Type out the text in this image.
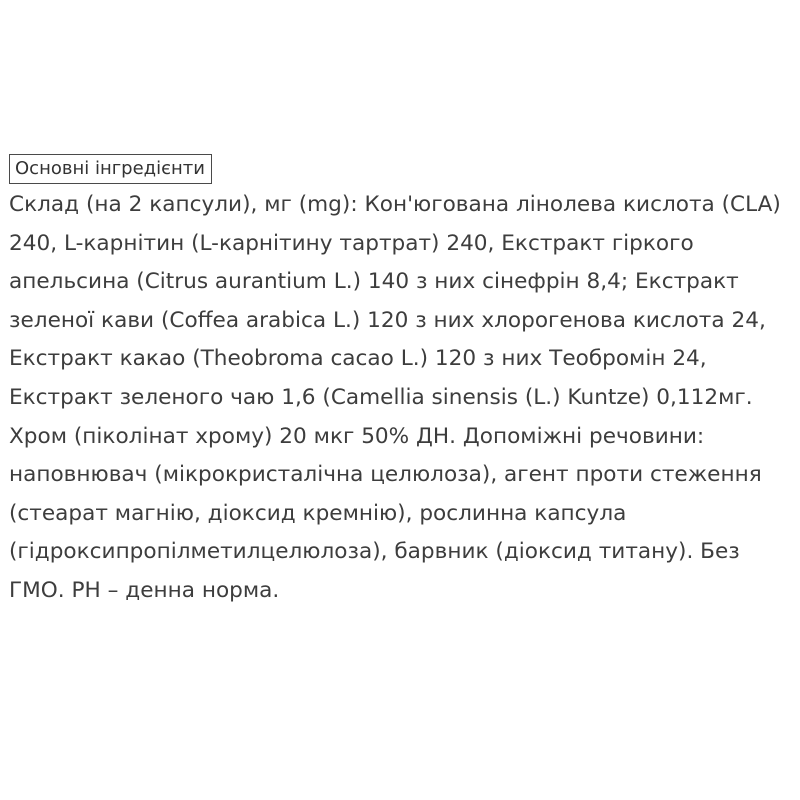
Основні інгредієнти

Склад (на 2 капсули), мг (mg): Кон'югована лінолева кислота (CLA) 240, L-карнітин (L-карнітину тартрат) 240, Екстракт гіркого апельсина (Citrus aurantium L.) 140 з них сінефрін 8,4; Екстракт зеленої кави (Coffea arabica L.) 120 з них хлорогенова кислота 24, Екстракт какао (Theobroma cacao L.) 120 з них Теобромін 24, Екстракт зеленого чаю 1,6 (Camellia sinensis (L.) Kuntze) 0,112мг. Хром (піколінат хрому) 20 мкг 50% ДН. Допоміжні речовини: наповнювач (мікрокристалічна целюлоза), агент проти стеження (стеарат магнію, діоксид кремнію), рослинна капсула (гідроксипропілметилцелюлоза), барвник (діоксид титану). Без ГМО. РН – денна норма.
